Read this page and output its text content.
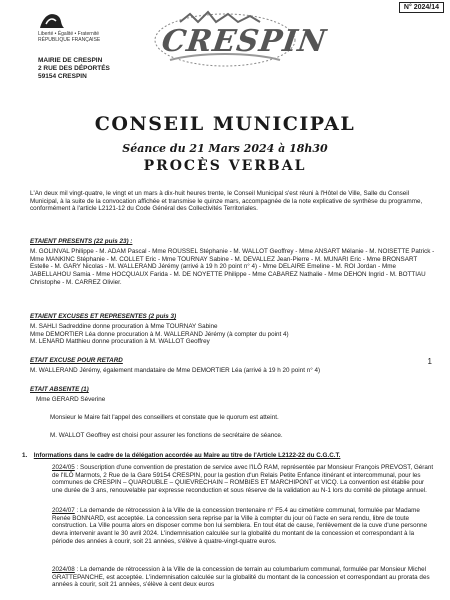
Liberté • Égalité • Fraternité
RÉPUBLIQUE FRANÇAISE
MAIRIE DE CRESPIN
2 RUE DES DÉPORTÉS
59154 CRESPIN
CRESPIN
N° 2024/14
CONSEIL MUNICIPAL
Séance du 21 Mars 2024 à 18h30
PROCÈS VERBAL
L'An deux mil vingt-quatre, le vingt et un mars à dix-huit heures trente, le Conseil Municipal s'est réuni à l'Hôtel de Ville, Salle du Conseil Municipal, à la suite de la convocation affichée et transmise le quinze mars, accompagnée de la note explicative de synthèse du programme, conformément à l'article L2121-12 du Code Général des Collectivités Territoriales.
ETAIENT PRESENTS (22 puis 23) :
M. GOLINVAL Philippe - M. ADAM Pascal - Mme ROUSSEL Stéphanie - M. WALLOT Geoffrey - Mme ANSART Mélanie - M. NOISETTE Patrick - Mme MANKINC Stéphanie - M. COLLET Eric - Mme TOURNAY Sabine - M. DEVALLEZ Jean-Pierre - M. MUNARI Eric - Mme BRONSART Estelle - M. GARY Nicolas - M. WALLERAND Jérémy (arrivé à 19 h 20 point n° 4) - Mme DELAIRE Emeline - M. ROI Jordan - Mme JABELLAHOU Samia - Mme HOCQUAUX Farida - M. DE NOYETTE Philippe - Mme CABAREZ Nathalie - Mme DEHON Ingrid - M. BOTTIAU Christophe - M. CARREZ Olivier.
ETAIENT EXCUSES ET REPRESENTES (2 puis 3)
M. SAHLI Sadreddine donne procuration à Mme TOURNAY Sabine
Mme DEMORTIER Léa donne procuration à M. WALLERAND Jérémy (à compter du point 4)
M. LENARD Matthieu donne procuration à M. WALLOT Geoffrey
ETAIT EXCUSE POUR RETARD
M. WALLERAND Jérémy, également mandataire de Mme DEMORTIER Léa (arrivé à 19 h 20 point n° 4)
1
ETAIT ABSENTE (1)
Mme GERARD Séverine
Monsieur le Maire fait l'appel des conseillers et constate que le quorum est atteint.
M. WALLOT Geoffrey est choisi pour assurer les fonctions de secrétaire de séance.
1. Informations dans le cadre de la délégation accordée au Maire au titre de l'Article L2122-22 du C.G.C.T.
2024/05 : Souscription d'une convention de prestation de service avec l'ILÔ RAM, représentée par Monsieur François PREVOST, Gérant de l'ILÔ Marmots, 2 Rue de la Gare 59154 CRESPIN, pour la gestion d'un Relais Petite Enfance itinérant et intercommunal, pour les communes de CRESPIN – QUAROUBLE – QUIEVRECHAIN – ROMBIES ET MARCHIPONT et VICQ. La convention est établie pour une durée de 3 ans, renouvelable par expresse reconduction et sous réserve de la validation au N-1 lors du comité de pilotage annuel.
2024/07 : La demande de rétrocession à la Ville de la concession trentenaire n° F5.4 au cimetière communal, formulée par Madame Renée BONNARD, est acceptée. La concession sera reprise par la Ville à compter du jour où l'acte en sera rendu, libre de toute construction. La Ville pourra alors en disposer comme bon lui semblera. En tout état de cause, l'enlèvement de la cuve d'une personne devra intervenir avant le 30 avril 2024. L'indemnisation calculée sur la globalité du montant de la concession et correspondant à la période des années à courir, soit 21 années, s'élève à quatre-vingt-quatre euros.
2024/08 : La demande de rétrocession à la Ville de la concession de terrain au columbarium communal, formulée par Monsieur Michel GRATTEPANCHE, est acceptée. L'indemnisation calculée sur la globalité du montant de la concession et correspondant au prorata des années à courir, soit 21 années, s'élève à cent deux euros
